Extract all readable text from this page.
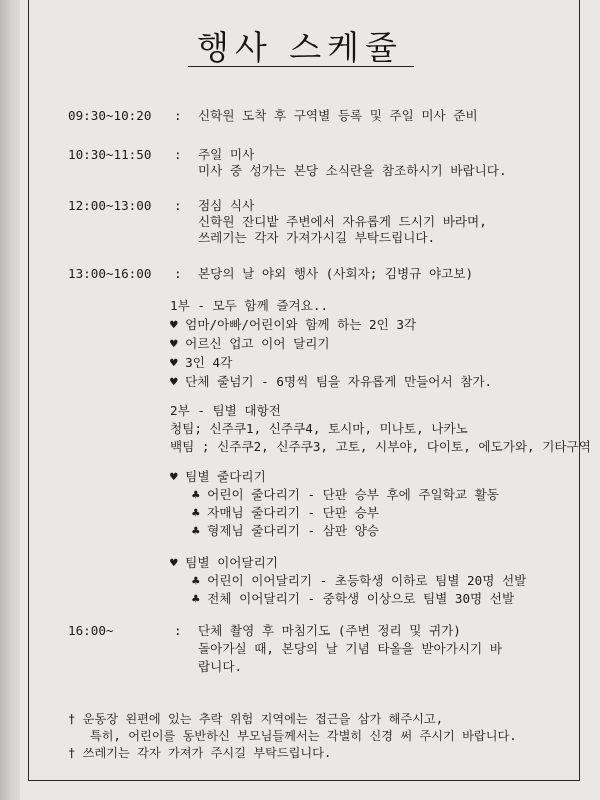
행사 스케쥴
09:30~10:20 : 신학원 도착 후 구역별 등록 및 주일 미사 준비
10:30~11:50 : 주일 미사
미사 중 성가는 본당 소식란을 참조하시기 바랍니다.
12:00~13:00 : 점심 식사
신학원 잔디밭 주변에서 자유롭게 드시기 바라며,
쓰레기는 각자 가져가시길 부탁드립니다.
13:00~16:00 : 본당의 날 야외 행사 (사회자; 김병규 야고보)
1부 - 모두 함께 즐겨요..
♥ 엄마/아빠/어린이와 함께 하는 2인 3각
♥ 어르신 업고 이어 달리기
♥ 3인 4각
♥ 단체 줄넘기 - 6명씩 팀을 자유롭게 만들어서 참가.
2부 - 팀별 대항전
청팀; 신주쿠1, 신주쿠4, 토시마, 미나토, 나카노
백팀 ; 신주쿠2, 신주쿠3, 고토, 시부야, 다이토, 에도가와, 기타구역
♥ 팀별 줄다리기
♣ 어린이 줄다리기 - 단판 승부 후에 주일학교 활동
♣ 자매님 줄다리기 - 단판 승부
♣ 형제님 줄다리기 - 삼판 양승
♥ 팀별 이어달리기
♣ 어린이 이어달리기 - 초등학생 이하로 팀별 20명 선발
♣ 전체 이어달리기 - 중학생 이상으로 팀별 30명 선발
16:00~	: 단체 촬영 후 마침기도 (주변 정리 및 귀가)
돌아가실 때, 본당의 날 기념 타올을 받아가시기 바
랍니다.
† 운동장 왼편에 있는 추락 위험 지역에는 접근을 삼가 해주시고,
특히, 어린이를 동반하신 부모님들께서는 각별히 신경 써 주시기 바랍니다.
† 쓰레기는 각자 가져가 주시길 부탁드립니다.
